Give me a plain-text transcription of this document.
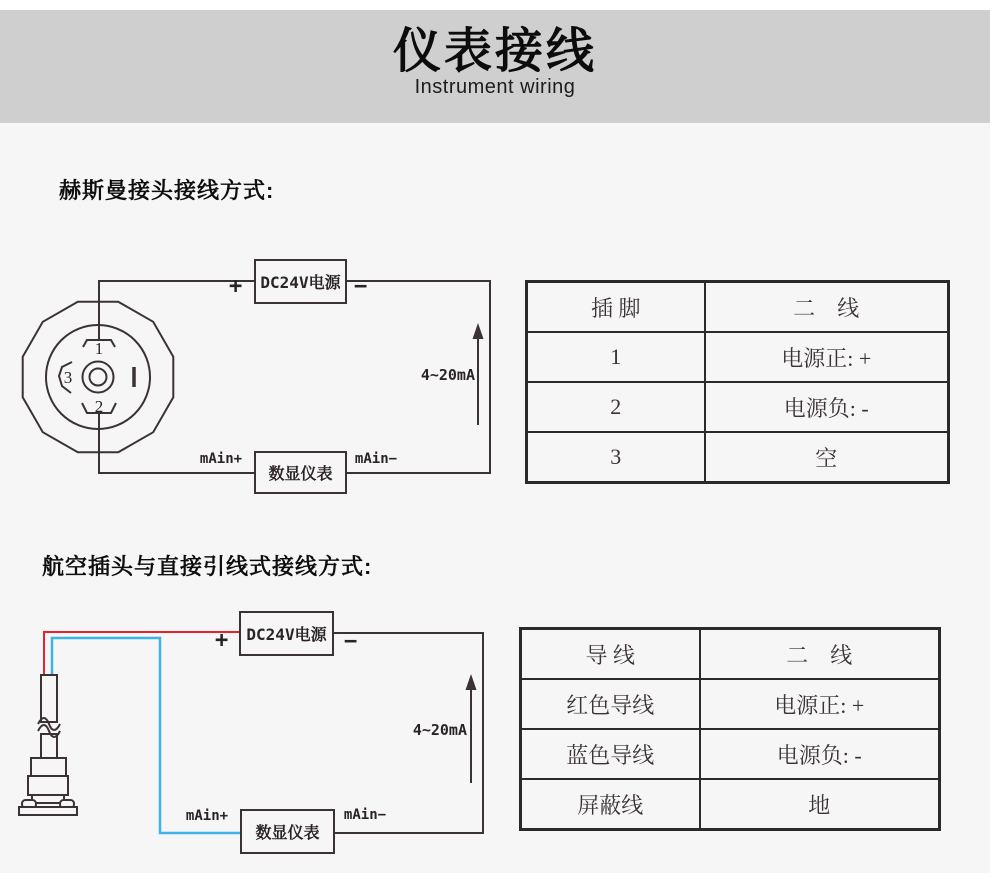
仪表接线
Instrument wiring
赫斯曼接头接线方式:
1
2
3
DC24V电源
数显仪表
+	−
mAin+	mAin−
4~20mA
插 脚	二　线
1	电源正: +
2	电源负: -
3	空
航空插头与直接引线式接线方式:
DC24V电源
数显仪表
+	−
mAin+	mAin−
4~20mA
导 线	二　线
红色导线	电源正: +
蓝色导线	电源负: -
屏蔽线	地
